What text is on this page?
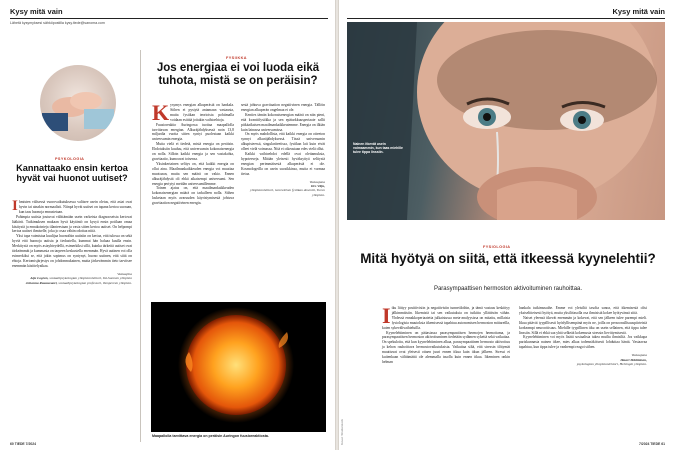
Kysy mitä vain
Lähetä kysymyksesi sähköpostilla kysy.tiede@sanoma.com
PSYKOLOGIA
Kannattaako ensin kertoa hyvät vai huonot uutiset?

Ihmisten välisessä vuorovaikutuksessa valitsee usein oletus, että asiat ovat hyvin tai ainakin normaalisti. Niinpä hyvät uutiset on tapana kertoa suoraan, kun taas huonoja ennustetaan.

Pahimpia uutisia joutuvat välittämään usein varkeista diagnooseista kertovat lääkärit. Tutkimuksen mukaan hyvä käytäntö on kysyä ensin potilaan omaa käsitystä ja ennakointeja tilanteestaan ja vasta sitten kertoa uutiset. On helpompi kertoa uutiset ihmiselle, joka jo osaa vähän odottaa niitä.

Yksi tapa vaimistaa kuulijaa huonoihin uutisiin on kertoa, että tulossa on sekä hyviä että huonoja uutisia ja tiedustella, kummat hän haluaa kuulla ensin. Merkitystä on myös asiayhteydellä, esimerkiksi sillä, kuinka tärkeitä uutiset ovat tärkeämmät ja kummasta on tarpeen keskustella enemmän. Hyvä uutinen voi olla esimerkiksi se, että jokin sopimus on syntynyt, huono uutinen, että siitä on ehtoja. Kertomisjärjestys on johdonmukainen, mutta järkevämmin tieto tarvitsee enemmän käsittelyaikaa.

Vastaajina
Aija Logren, sosiaalipsykologian yliopistonlehtori, Itä-Suomen yliopisto
Johanna Ruusuvuori, sosiaalipsykologian professori, Tampereen yliopisto.
FYSIIKKA
Jos energiaa ei voi luoda eikä tuhota, mistä se on peräisin?

Kysymys energian alkuperästä on hankala. Siihen ei pystytä antamaan vastausta, mutta fysiikan teorioista pohtimalla voidaan esittää joitakin vaihtoehtoja.

Fuusioreaktio Auringossa tuottaa maapallolla tarvittavan energian. Alkuräjähdyksessä noin 13,8 miljardia vuotta sitten syntyi puolestaan kaikki universumin energia.

Mutta vielä ei tiedetä, mistä energia on peräisin. Ehdotuksiin kuuluu, että universumin kokonaisenergia on nolla. Silloin kaikki energia ja sen vastakohta, gravitaatio, kumoavat toisensa.

Yksinkertainen selitys on, että kaikki energia on ollut aina. Maailmankaikkeuden energia voi muuttaa muotoaan, mutta sen määrä on vakio. Ennen alkuräjähdystä oli ehkä aikaisempi universumi. Sen energia periytyi meidän universumillemme.

Toinen ajatus on, että maailmankaikkeuden kokonaisenergian määrä on tarkalleen nolla. Siihen lasketaan myös avaruuden käyristymisestä johtuva gravitaation negatiivinen energia.

sestä johtuva gravitaation negatiivinen energia. Tällöin energian alkuperän ongelmaa ei ole.

Kenties tämän kokonaisenergian määrä on niin pieni, että kvanttifysiikka ja sen epätarkkuusperiaate sallii pitkäaikaisen maailmankaikkeutemme. Energia on ilkiän kuin lainassa universumissa.

On myös mahdollista, että kaikki energia on otteeton synnyt alkuräjähdyksessä. Tässä universumin alkupisteessä, singulariteetissa, fysiikan lait kuin eivät olleet vielä voimassa. Nitä ei oikeastaan edes vielä ollut.

Kaikki vaihtoehdot edellä ovat olettamuksia, hypoteeseja. Mitään yleisesti hyväksyttyä selitystä energian perimmäisestä alkuperästä ei ole. Kosmologeilla on usein suosikkinsa, mutta ei varmaa tietoa.

Vastaajana
Ilro Vilja,
yliopistonlehtori, teoreettisen fysiikan dosentti, Turun yliopisto.
Maapallolla tarvittava energia on peräisin Auringon fuusioreaktiosta.
60 TIEDE 7/2024
Kysy mitä vain
Nainen itkevät usein voimaammin, kun taas miehille tulee tippa linssiin.
Kuvat: Shutterstock
FYSIOLOGIA
Mitä hyötyä on siitä, että itkeessä kyynelehtii?
Parasympaattisen hermoston aktivoituminen rauhoittaa.

Itku liittyy positiivisiin ja negatiivisiin tunnetiloihin, ja tämä vastaus keskittyy jälkimmäisiin. Itkemistä tai sen vaikutuksia on tutkittu yllättävän vähän. Yhdessä ennakkoperiaatetta julkaistussa meta-analyysissa on mitattu, millaisia fysiologisia muutoksia itkemisessä tapahtuu autonomisen hermoston mittareilla, kuten sykevälivaihteluilla.

Kyynelehtiminen on pääasiassa parasympaattisen hermojen hermottama, ja parasympaattisen hermoston aktivoituminen tiedetään sydämen sykettä sekä vaikuttaa. On spekuloitu, että kun kyynelehtiminen alkaa, parasympaattinen hermosto aktivoituu ja kehon rauhoittava hermostovaikutuksista. Vaikuttaa siltä, että stressin tilttymät muuttuvat ovat yleisesti ottaen juuri ennen itkua kuin itkun jälkeen. Stressi ei kuitenkaan välttämättä ole alemmalla tasolla kuin ennen itkua. Itkeminen onkin helman

hankala tutkimusaihe. Emme voi yleisiltä tasolta sanoa, että itkemisestä olisi yksiselitteisesti hyötyä, mutta yksilötasolla osa ihmisistä kokee hyötyvänsä siitä.

Naiset yleensä itkevät enemmän ja kokevat, että sen jälkeen tulee parempi mieli. Itkua pitävät tyypillisesti hyödyllisempänä myös ne, joilla on persoonallisuuspiirteistä korkeampi neuroottisuus. Miehille tyypillinen itku on usein sellainen, että tippa tulee linssiin. Sillä ei ehkä saa yhtä selkeää kokemusta stressin lievittymisestä.

Kyynelehtiminen voi myös lisätä sosiaalista tukea muilta ihmisiltä. Jos vaikkapa pariskunnasta nainen itkee, mies alkaa todennäköisesti lohduttaa häntä. Vastaavaa tapahtuu, kun tippa tulee ja vanhempi reagoi siihen.

Vastaajana
Ilmari Määttänen,
psykologian yliopistonlehtori, Helsingin yliopisto.
7/2024 TIEDE 61
